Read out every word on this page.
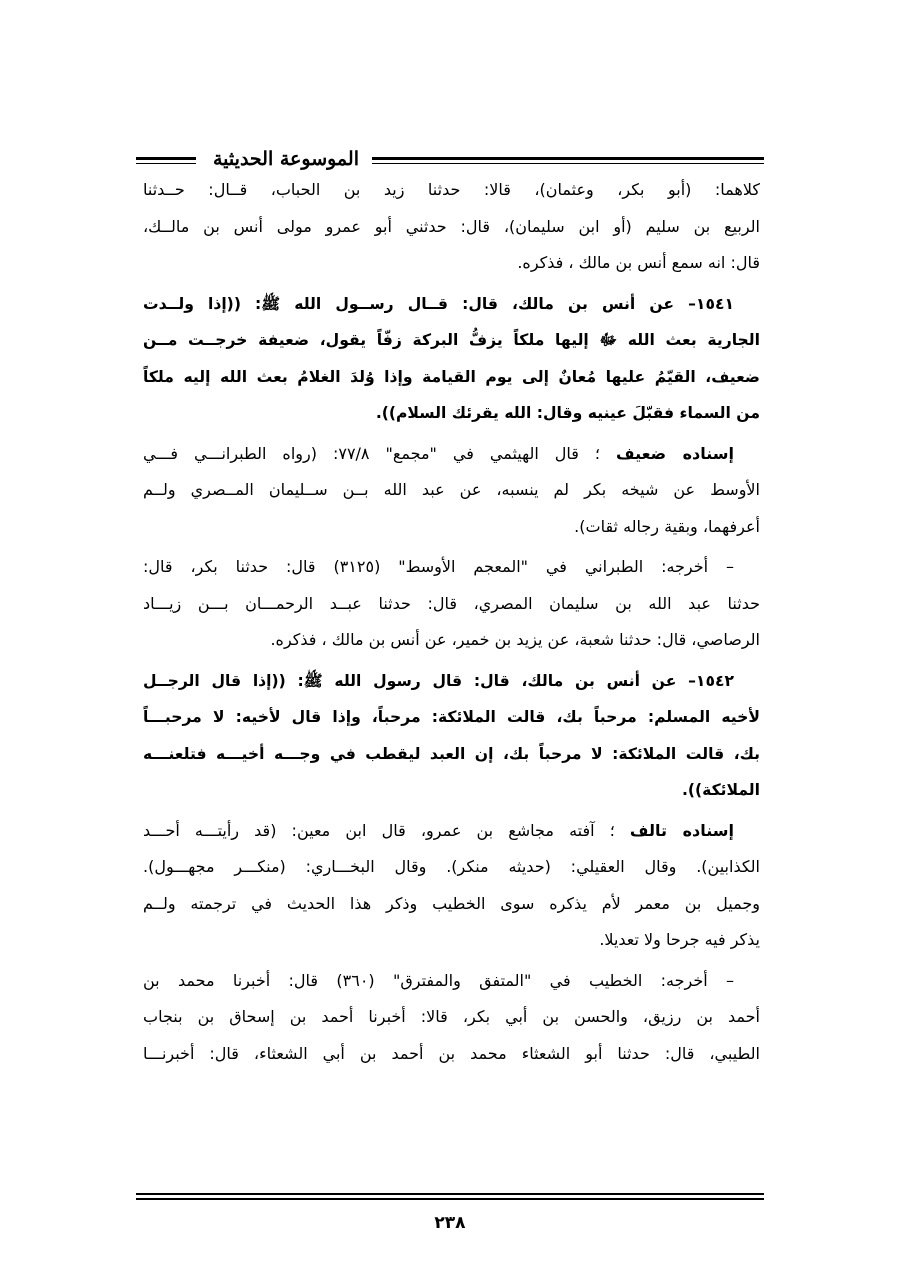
الموسوعة الحديثية
كلاهما: (أبو بكر، وعثمان)، قالا: حدثنا زيد بن الحباب، قــال: حــدثنا
الربيع بن سليم (أو ابن سليمان)، قال: حدثني أبو عمرو مولى أنس بن مالــك،
قال: انه سمع أنس بن مالك ، فذكره.
١٥٤١– عن أنس بن مالك، قال: قــال رســول الله ﷺ: ((إذا ولــدت
الجارية بعث الله ﷻ إليها ملكاً يزفُّ البركة زفّاً يقول، ضعيفة خرجــت مــن
ضعيف، القيّمُ عليها مُعانٌ إلى يوم القيامة وإذا وُلدَ الغلامُ بعث الله إليه ملكاً
من السماء فقبّلَ عينيه وقال: الله يقرئك السلام)).
إسناده ضعيف ؛ قال الهيثمي في "مجمع" ٧٧/٨: (رواه الطبرانـــي فـــي
الأوسط عن شيخه بكر لم ينسبه، عن عبد الله بــن ســليمان المــصري ولــم
أعرفهما، وبقية رجاله ثقات).
– أخرجه: الطبراني في "المعجم الأوسط" (٣١٢٥) قال: حدثنا بكر، قال:
حدثنا عبد الله بن سليمان المصري، قال: حدثنا عبــد الرحمـــان بـــن زيـــاد
الرصاصي، قال: حدثنا شعبة، عن يزيد بن خمير، عن أنس بن مالك ، فذكره.
١٥٤٢– عن أنس بن مالك، قال: قال رسول الله ﷺ: ((إذا قال الرجــل
لأخيه المسلم: مرحباً بك، قالت الملائكة: مرحباً، وإذا قال لأخيه: لا مرحبـــاً
بك، قالت الملائكة: لا مرحباً بك، إن العبد ليقطب في وجـــه أخيـــه فتلعنـــه
الملائكة)).
إسناده تالف ؛ آفته مجاشع بن عمرو، قال ابن معين: (قد رأيتـــه أحـــد
الكذابين). وقال العقيلي: (حديثه منكر). وقال البخـــاري: (منكـــر مجهـــول).
وجميل بن معمر لأم يذكره سوى الخطيب وذكر هذا الحديث في ترجمته ولــم
يذكر فيه جرحا ولا تعديلا.
– أخرجه: الخطيب في "المتفق والمفترق" (٣٦٠) قال: أخبرنا محمد بن
أحمد بن رزيق، والحسن بن أبي بكر، قالا: أخبرنا أحمد بن إسحاق بن بنجاب
الطيبي، قال: حدثنا أبو الشعثاء محمد بن أحمد بن أبي الشعثاء، قال: أخبرنـــا
٢٣٨
